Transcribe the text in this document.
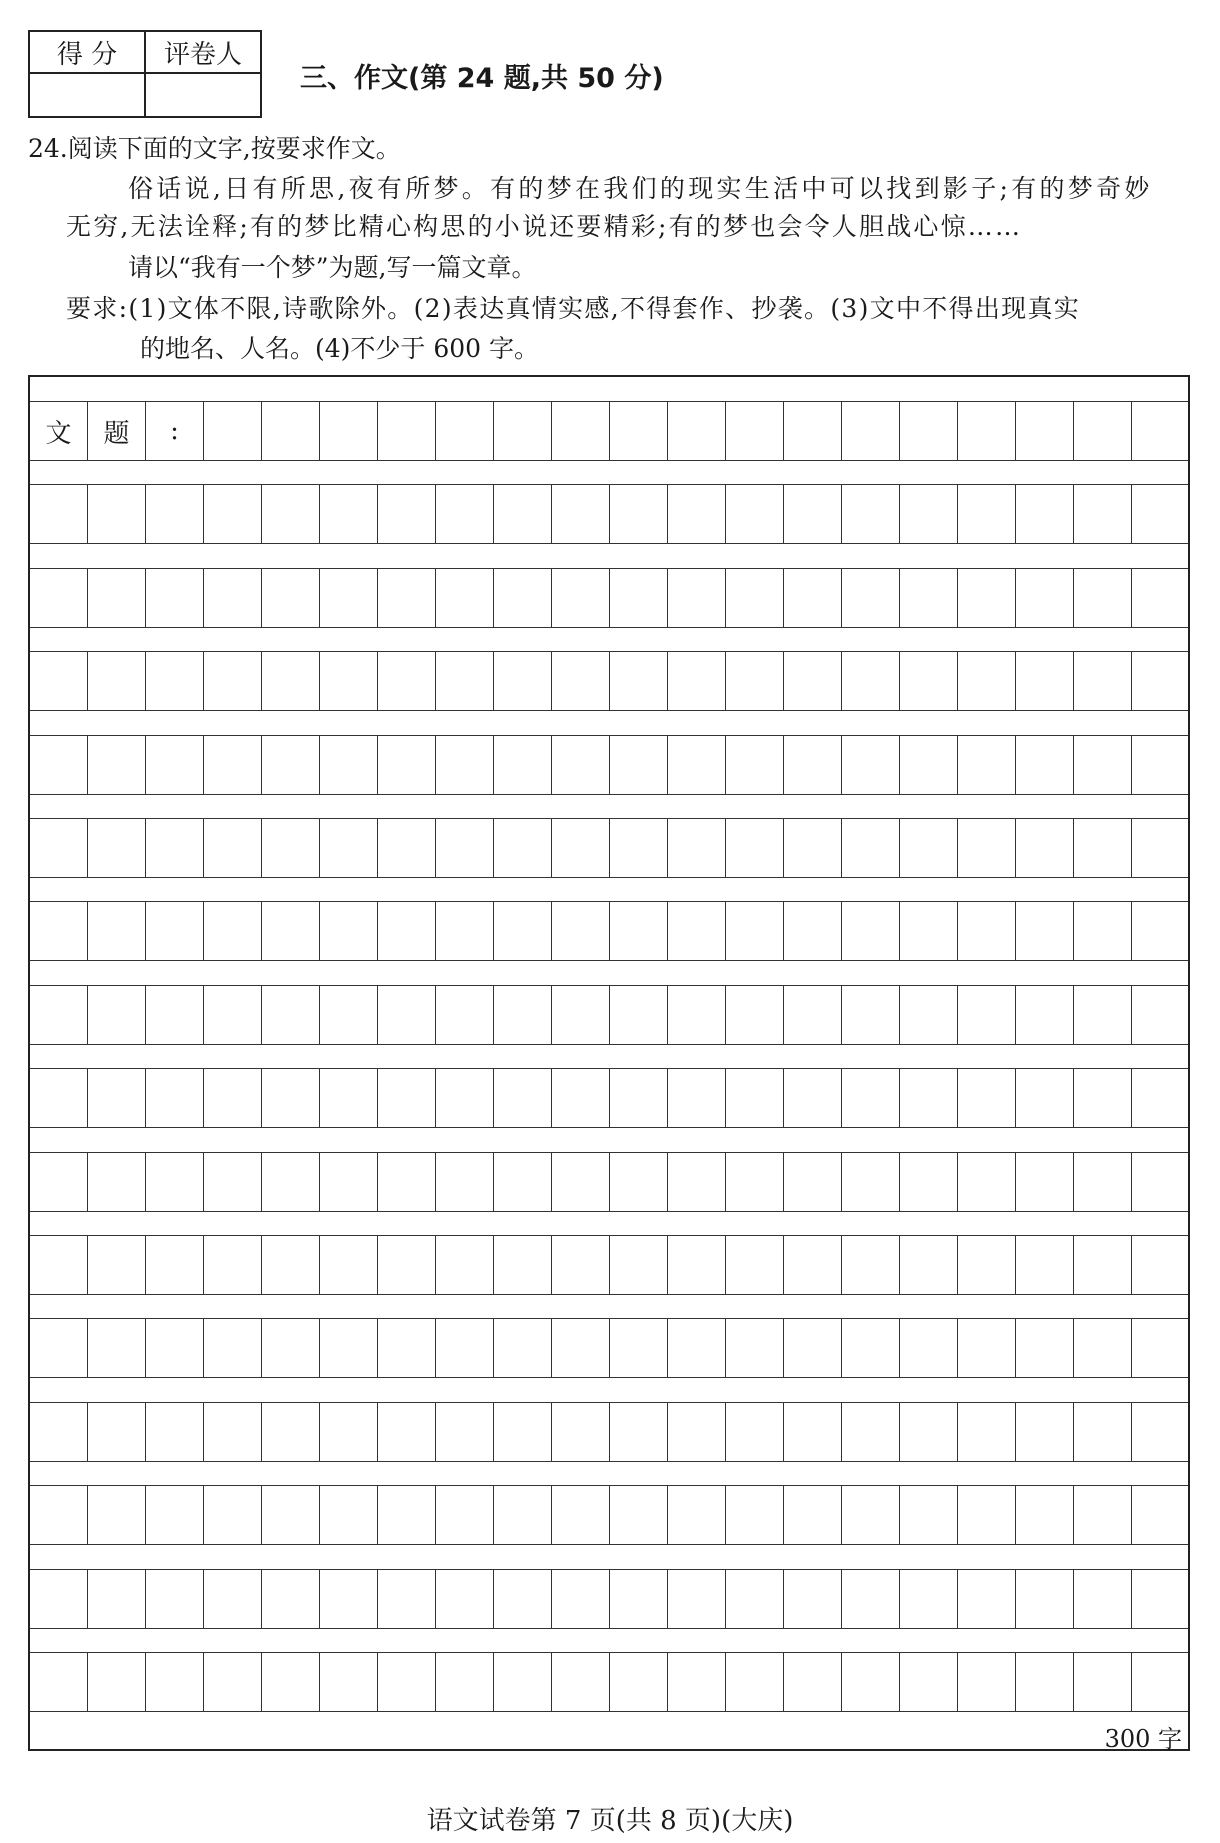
得 分	评卷人

三、作文(第 24 题,共 50 分)
24.阅读下面的文字,按要求作文。
俗话说,日有所思,夜有所梦。有的梦在我们的现实生活中可以找到影子;有的梦奇妙
无穷,无法诠释;有的梦比精心构思的小说还要精彩;有的梦也会令人胆战心惊……
请以“我有一个梦”为题,写一篇文章。
要求:(1)文体不限,诗歌除外。(2)表达真情实感,不得套作、抄袭。(3)文中不得出现真实
的地名、人名。(4)不少于 600 字。
文	题	:
300 字
语文试卷第 7 页(共 8 页)(大庆)
